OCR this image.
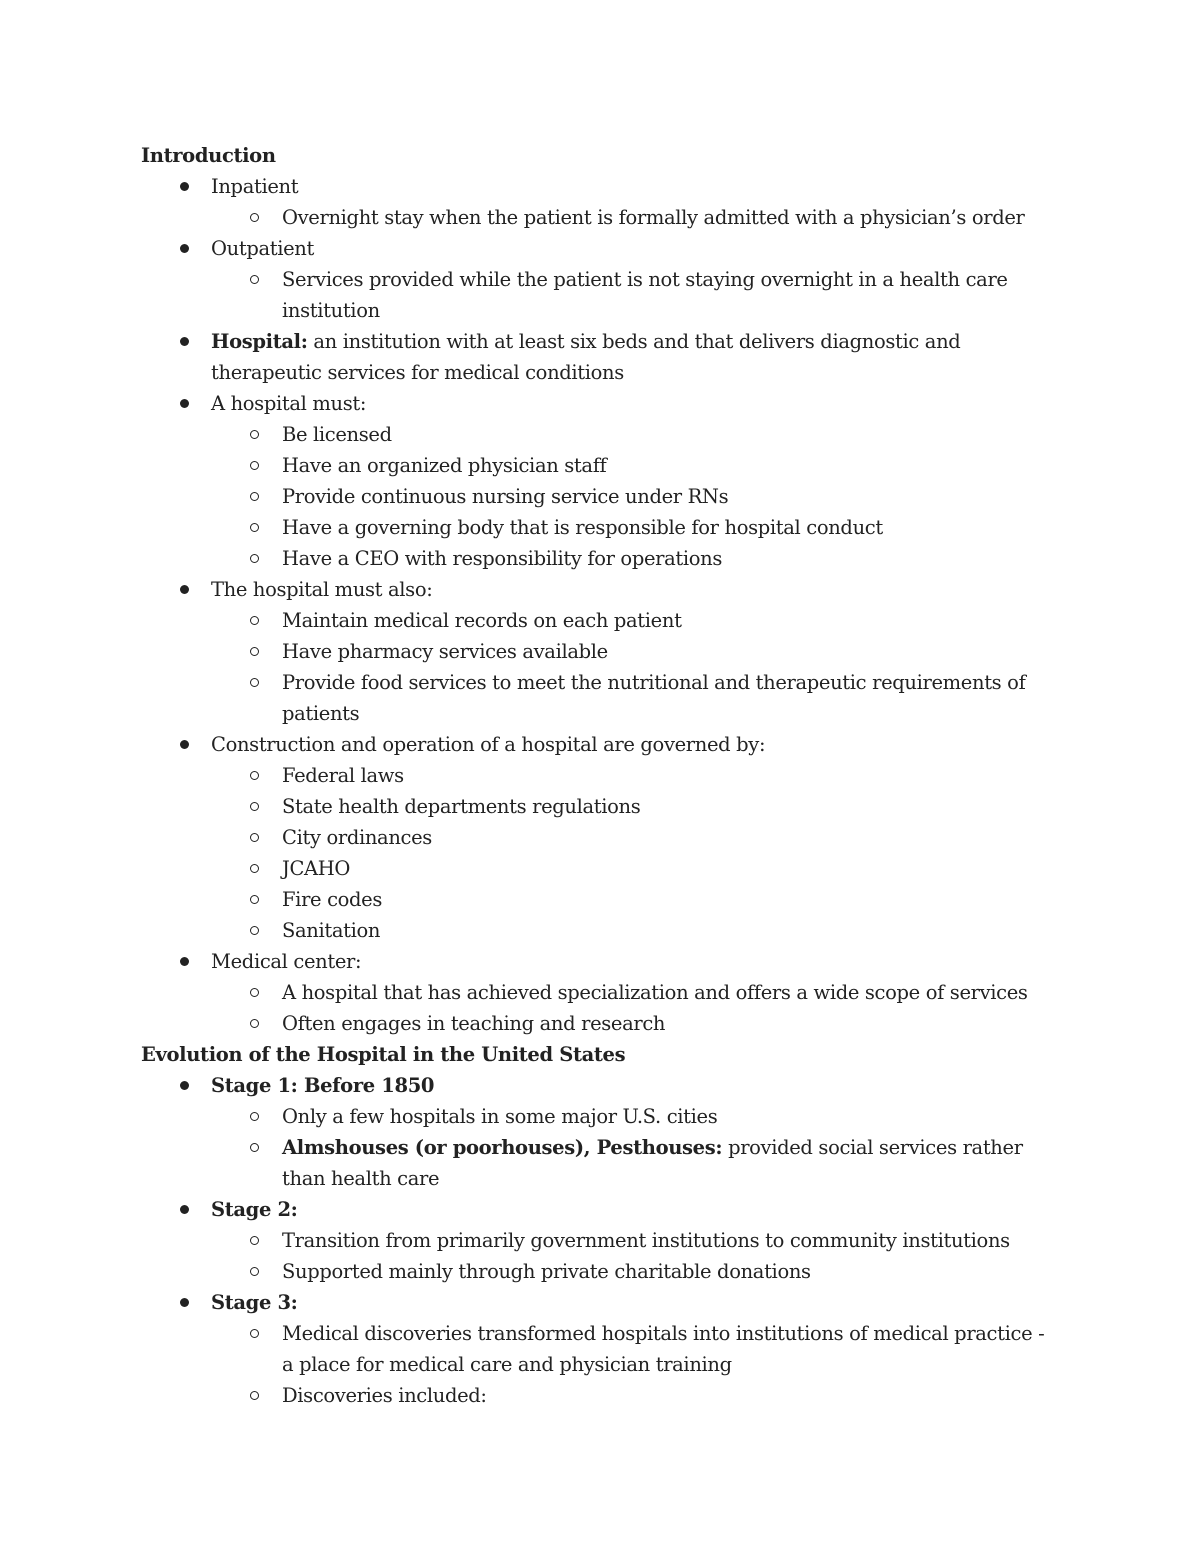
Introduction
Inpatient
Overnight stay when the patient is formally admitted with a physician’s order
Outpatient
Services provided while the patient is not staying overnight in a health care institution
Hospital: an institution with at least six beds and that delivers diagnostic and therapeutic services for medical conditions
A hospital must:
Be licensed
Have an organized physician staff
Provide continuous nursing service under RNs
Have a governing body that is responsible for hospital conduct
Have a CEO with responsibility for operations
The hospital must also:
Maintain medical records on each patient
Have pharmacy services available
Provide food services to meet the nutritional and therapeutic requirements of patients
Construction and operation of a hospital are governed by:
Federal laws
State health departments regulations
City ordinances
JCAHO
Fire codes
Sanitation
Medical center:
A hospital that has achieved specialization and offers a wide scope of services
Often engages in teaching and research
Evolution of the Hospital in the United States
Stage 1: Before 1850
Only a few hospitals in some major U.S. cities
Almshouses (or poorhouses), Pesthouses: provided social services rather than health care
Stage 2:
Transition from primarily government institutions to community institutions
Supported mainly through private charitable donations
Stage 3:
Medical discoveries transformed hospitals into institutions of medical practice - a place for medical care and physician training
Discoveries included:
